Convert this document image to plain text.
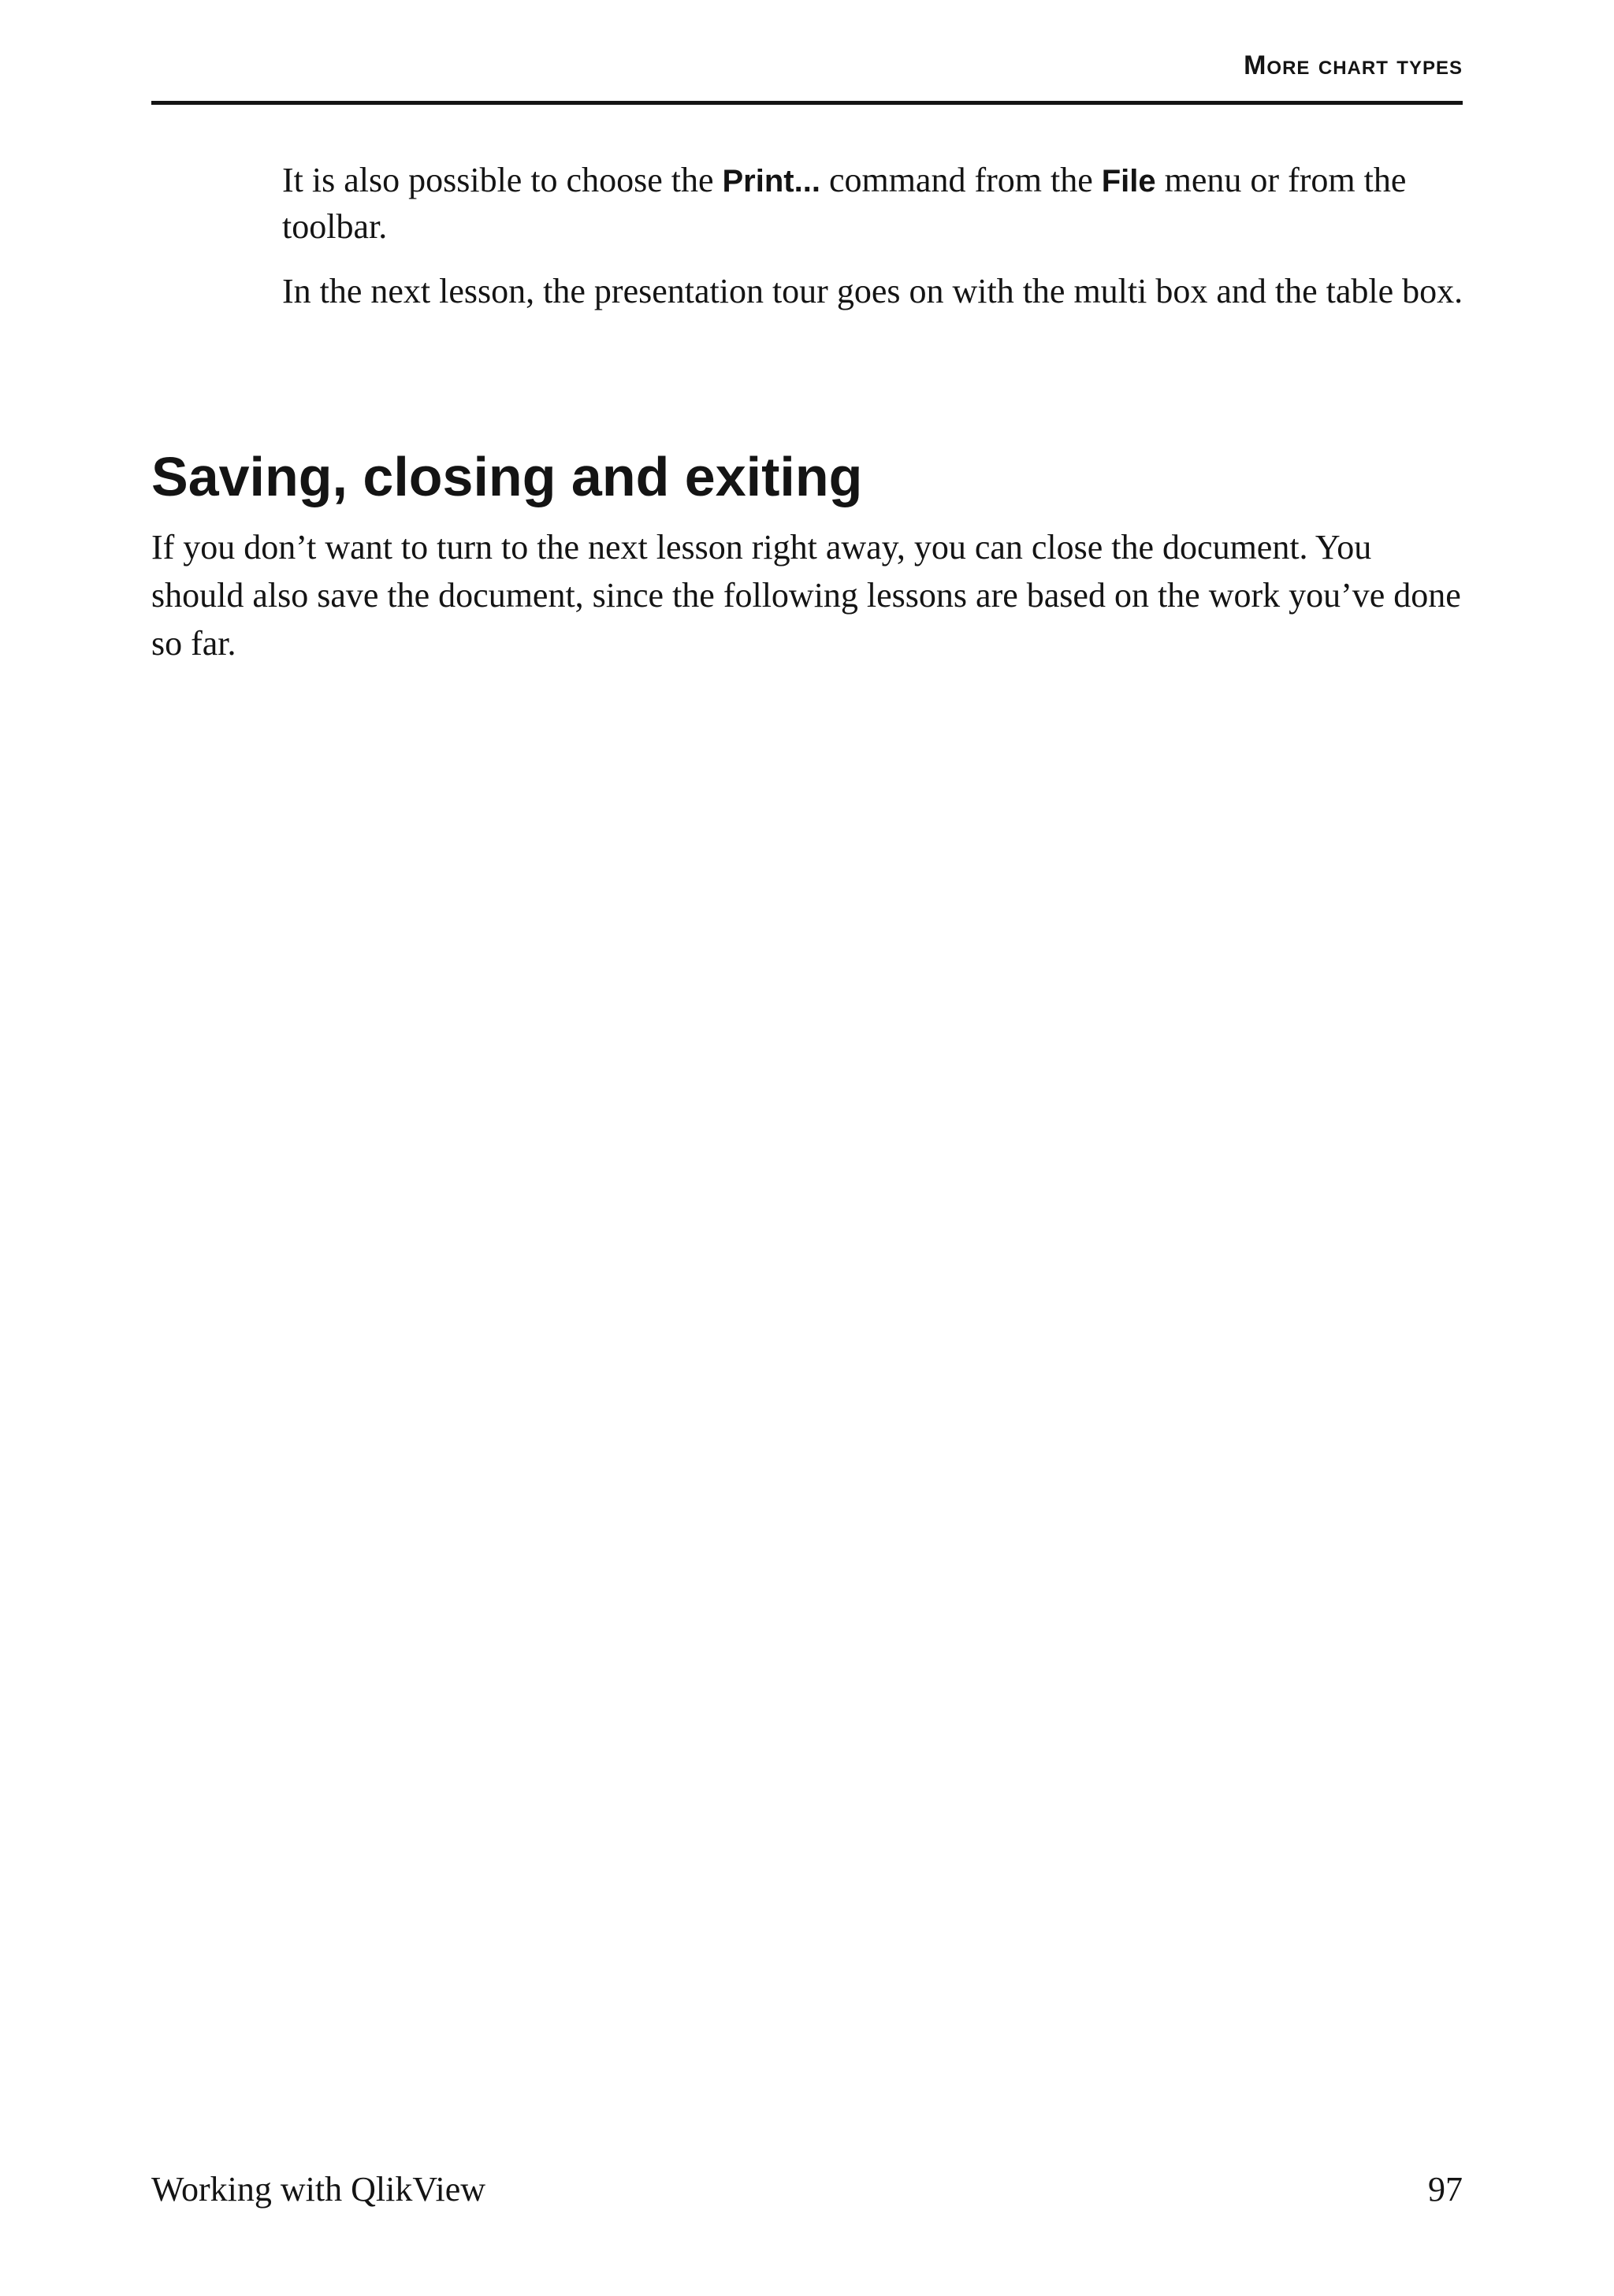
More chart types

It is also possible to choose the Print... command from the File menu or from the toolbar.

In the next lesson, the presentation tour goes on with the multi box and the table box.

Saving, closing and exiting

If you don’t want to turn to the next lesson right away, you can close the document. You should also save the document, since the following lessons are based on the work you’ve done so far.

Working with QlikView	97
